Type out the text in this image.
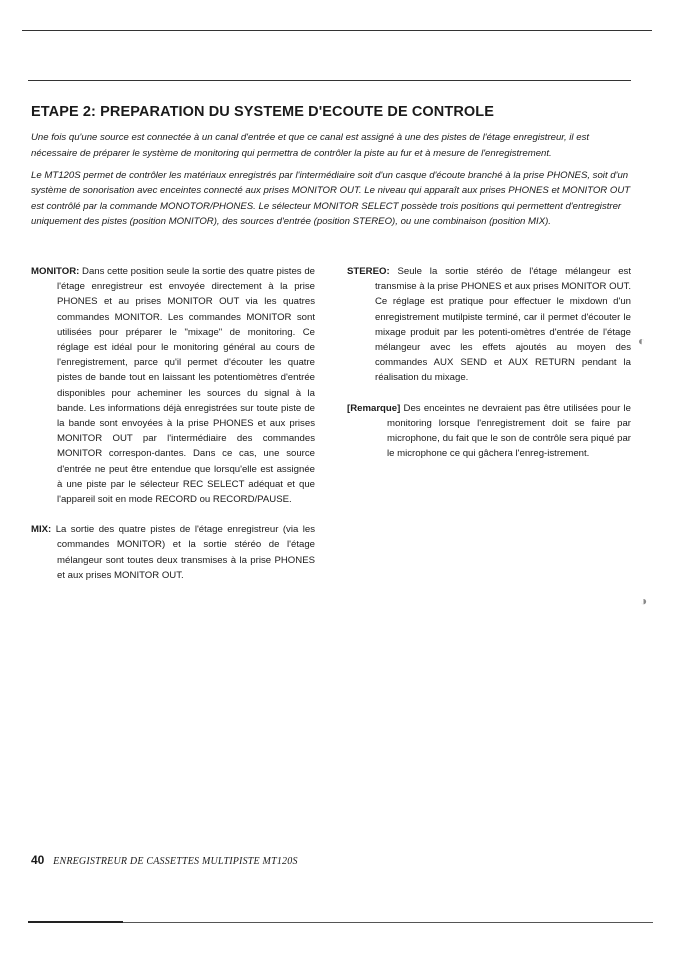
ETAPE 2: PREPARATION DU SYSTEME D'ECOUTE DE CONTROLE

Une fois qu'une source est connectée à un canal d'entrée et que ce canal est assigné à une des pistes de l'étage enregistreur, il est nécessaire de préparer le système de monitoring qui permettra de contrôler la piste au fur et à mesure de l'enregistrement.

Le MT120S permet de contrôler les matériaux enregistrés par l'intermédiaire soit d'un casque d'écoute branché à la prise PHONES, soit d'un système de sonorisation avec enceintes connecté aux prises MONITOR OUT. Le niveau qui apparaît aux prises PHONES et MONITOR OUT est contrôlé par la commande MONOTOR/PHONES. Le sélecteur MONITOR SELECT possède trois positions qui permettent d'entregistrer uniquement des pistes (position MONITOR), des sources d'entrée (position STEREO), ou une combinaison (position MIX).

MONITOR: Dans cette position seule la sortie des quatre pistes de l'étage enregistreur est envoyée directement à la prise PHONES et au prises MONITOR OUT via les quatres commandes MONITOR. Les commandes MONITOR sont utilisées pour préparer le "mixage" de monitoring. Ce réglage est idéal pour le monitoring général au cours de l'enregistrement, parce qu'il permet d'écouter les quatre pistes de bande tout en laissant les potentiomètres d'entrée disponibles pour acheminer les sources du signal à la bande. Les informations déjà enregistrées sur toute piste de la bande sont envoyées à la prise PHONES et aux prises MONITOR OUT par l'intermédiaire des commandes MONITOR correspon-dantes. Dans ce cas, une source d'entrée ne peut être entendue que lorsqu'elle est assignée à une piste par le sélecteur REC SELECT adéquat et que l'appareil soit en mode RECORD ou RECORD/PAUSE.

MIX: La sortie des quatre pistes de l'étage enregistreur (via les commandes MONITOR) et la sortie stéréo de l'étage mélangeur sont toutes deux transmises à la prise PHONES et aux prises MONITOR OUT.

STEREO: Seule la sortie stéréo de l'étage mélangeur est transmise à la prise PHONES et aux prises MONITOR OUT. Ce réglage est pratique pour effectuer le mixdown d'un enregistrement mutilpiste terminé, car il permet d'écouter le mixage produit par les potenti-omètres d'entrée de l'étage mélangeur avec les effets ajoutés au moyen des commandes AUX SEND et AUX RETURN pendant la réalisation du mixage.

[Remarque] Des enceintes ne devraient pas être utilisées pour le monitoring lorsque l'enregistrement doit se faire par microphone, du fait que le son de contrôle sera piqué par le microphone ce qui gâchera l'enreg-istrement.

◐
◑
40 ENREGISTREUR DE CASSETTES MULTIPISTE MT120S
